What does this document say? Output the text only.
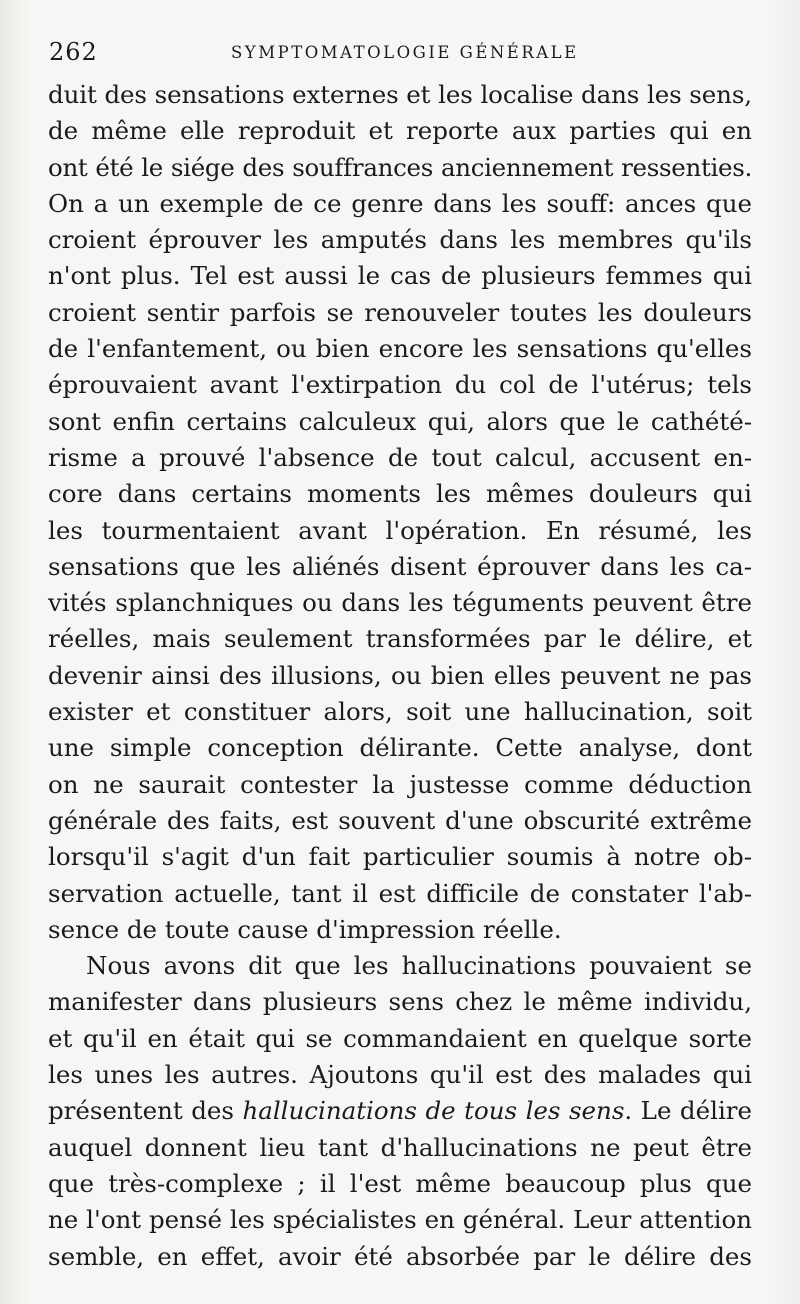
262	SYMPTOMATOLOGIE GÉNÉRALE
duit des sensations externes et les localise dans les sens,
de même elle reproduit et reporte aux parties qui en
ont été le siége des souffrances anciennement ressenties.
On a un exemple de ce genre dans les souff: ances que
croient éprouver les amputés dans les membres qu'ils
n'ont plus. Tel est aussi le cas de plusieurs femmes qui
croient sentir parfois se renouveler toutes les douleurs
de l'enfantement, ou bien encore les sensations qu'elles
éprouvaient avant l'extirpation du col de l'utérus; tels
sont enfin certains calculeux qui, alors que le cathété-
risme a prouvé l'absence de tout calcul, accusent en-
core dans certains moments les mêmes douleurs qui
les tourmentaient avant l'opération. En résumé, les
sensations que les aliénés disent éprouver dans les ca-
vités splanchniques ou dans les téguments peuvent être
réelles, mais seulement transformées par le délire, et
devenir ainsi des illusions, ou bien elles peuvent ne pas
exister et constituer alors, soit une hallucination, soit
une simple conception délirante. Cette analyse, dont
on ne saurait contester la justesse comme déduction
générale des faits, est souvent d'une obscurité extrême
lorsqu'il s'agit d'un fait particulier soumis à notre ob-
servation actuelle, tant il est difficile de constater l'ab-
sence de toute cause d'impression réelle.
Nous avons dit que les hallucinations pouvaient se
manifester dans plusieurs sens chez le même individu,
et qu'il en était qui se commandaient en quelque sorte
les unes les autres. Ajoutons qu'il est des malades qui
présentent des hallucinations de tous les sens. Le délire
auquel donnent lieu tant d'hallucinations ne peut être
que très-complexe ; il l'est même beaucoup plus que
ne l'ont pensé les spécialistes en général. Leur attention
semble, en effet, avoir été absorbée par le délire des
